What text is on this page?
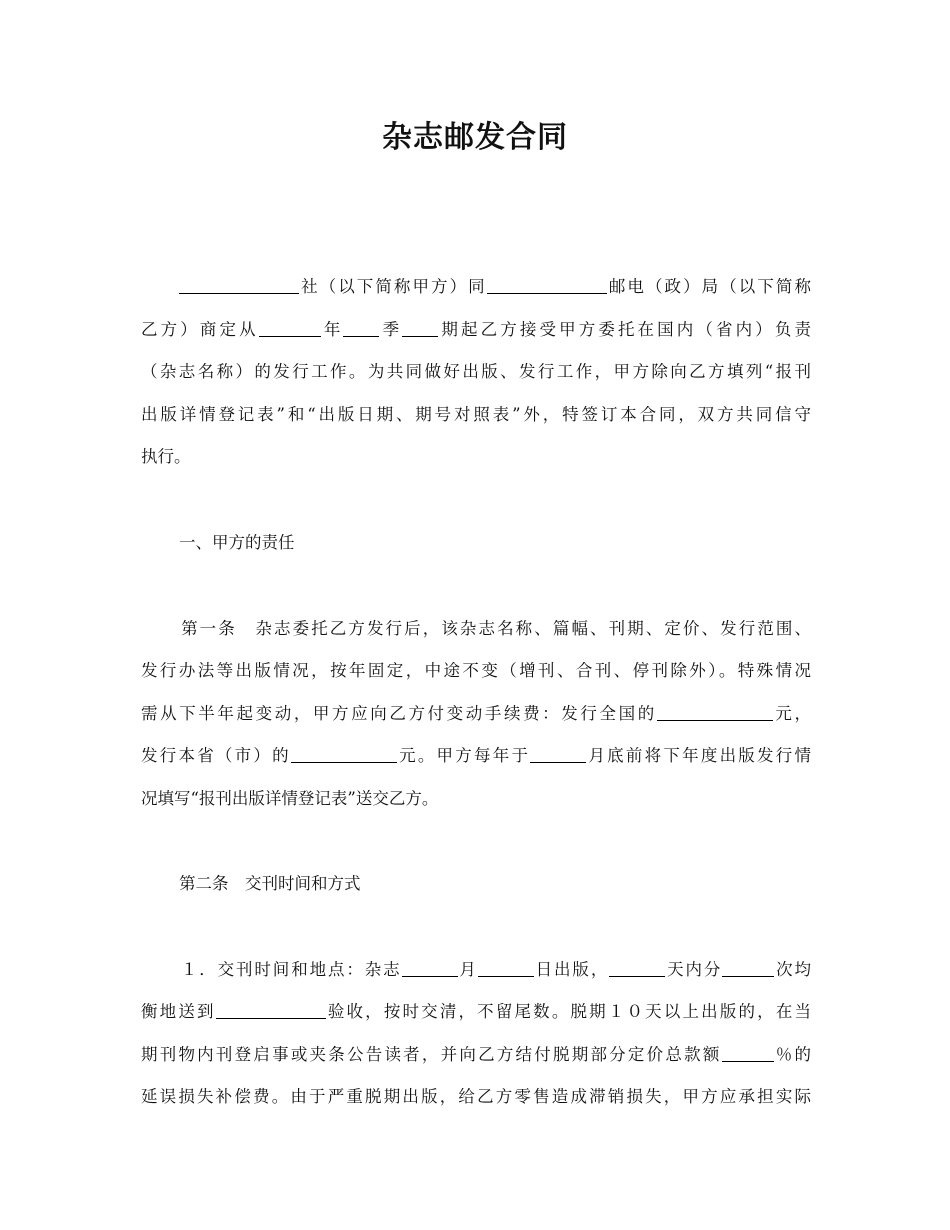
杂志邮发合同
社（以下简称甲方）同	邮电（政）局（以下简称
乙方）商定从	年 季 期起乙方接受甲方委托在国内（省内）负责
（杂志名称）的发行工作。为共同做好出版、发行工作，甲方除向乙方填列“报刊
出版详情登记表”和“出版日期、期号对照表”外，特签订本合同，双方共同信守
执行。
一、甲方的责任
第一条　杂志委托乙方发行后，该杂志名称、篇幅、刊期、定价、发行范围、
发行办法等出版情况，按年固定，中途不变（增刊、合刊、停刊除外）。特殊情况
需从下半年起变动，甲方应向乙方付变动手续费：发行全国的	元，
发行本省（市）的	元。甲方每年于	月底前将下年度出版发行情
况填写“报刊出版详情登记表”送交乙方。
第二条　交刊时间和方式
１．交刊时间和地点：杂志	月	日出版，	天内分	次均
衡地送到	验收，按时交清，不留尾数。脱期１０天以上出版的，在当
期刊物内刊登启事或夹条公告读者，并向乙方结付脱期部分定价总款额	％的
延误损失补偿费。由于严重脱期出版，给乙方零售造成滞销损失，甲方应承担实际
